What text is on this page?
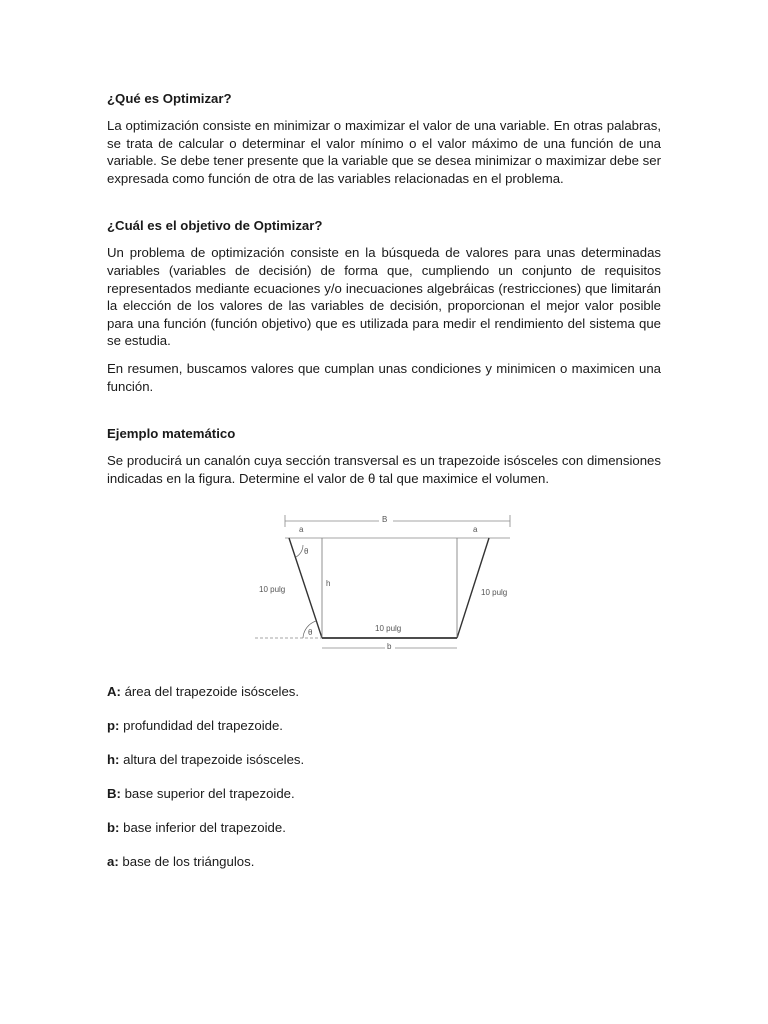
¿Qué es Optimizar?

La optimización consiste en minimizar o maximizar el valor de una variable. En otras palabras, se trata de calcular o determinar el valor mínimo o el valor máximo de una función de una variable. Se debe tener presente que la variable que se desea minimizar o maximizar debe ser expresada como función de otra de las variables relacionadas en el problema.

¿Cuál es el objetivo de Optimizar?

Un problema de optimización consiste en la búsqueda de valores para unas determinadas variables (variables de decisión) de forma que, cumpliendo un conjunto de requisitos representados mediante ecuaciones y/o inecuaciones algebráicas (restricciones) que limitarán la elección de los valores de las variables de decisión, proporcionan el mejor valor posible para una función (función objetivo) que es utilizada para medir el rendimiento del sistema que se estudia.

En resumen, buscamos valores que cumplan unas condiciones y minimicen o maximicen una función.

Ejemplo matemático

Se producirá un canalón cuya sección transversal es un trapezoide isósceles con dimensiones indicadas en la figura. Determine el valor de θ tal que maximice el volumen.

B
a	a
h
θ
10 pulg
θ
10 pulg	10 pulg
b
A: área del trapezoide isósceles.
p: profundidad del trapezoide.
h: altura del trapezoide isósceles.
B: base superior del trapezoide.
b: base inferior del trapezoide.
a: base de los triángulos.
